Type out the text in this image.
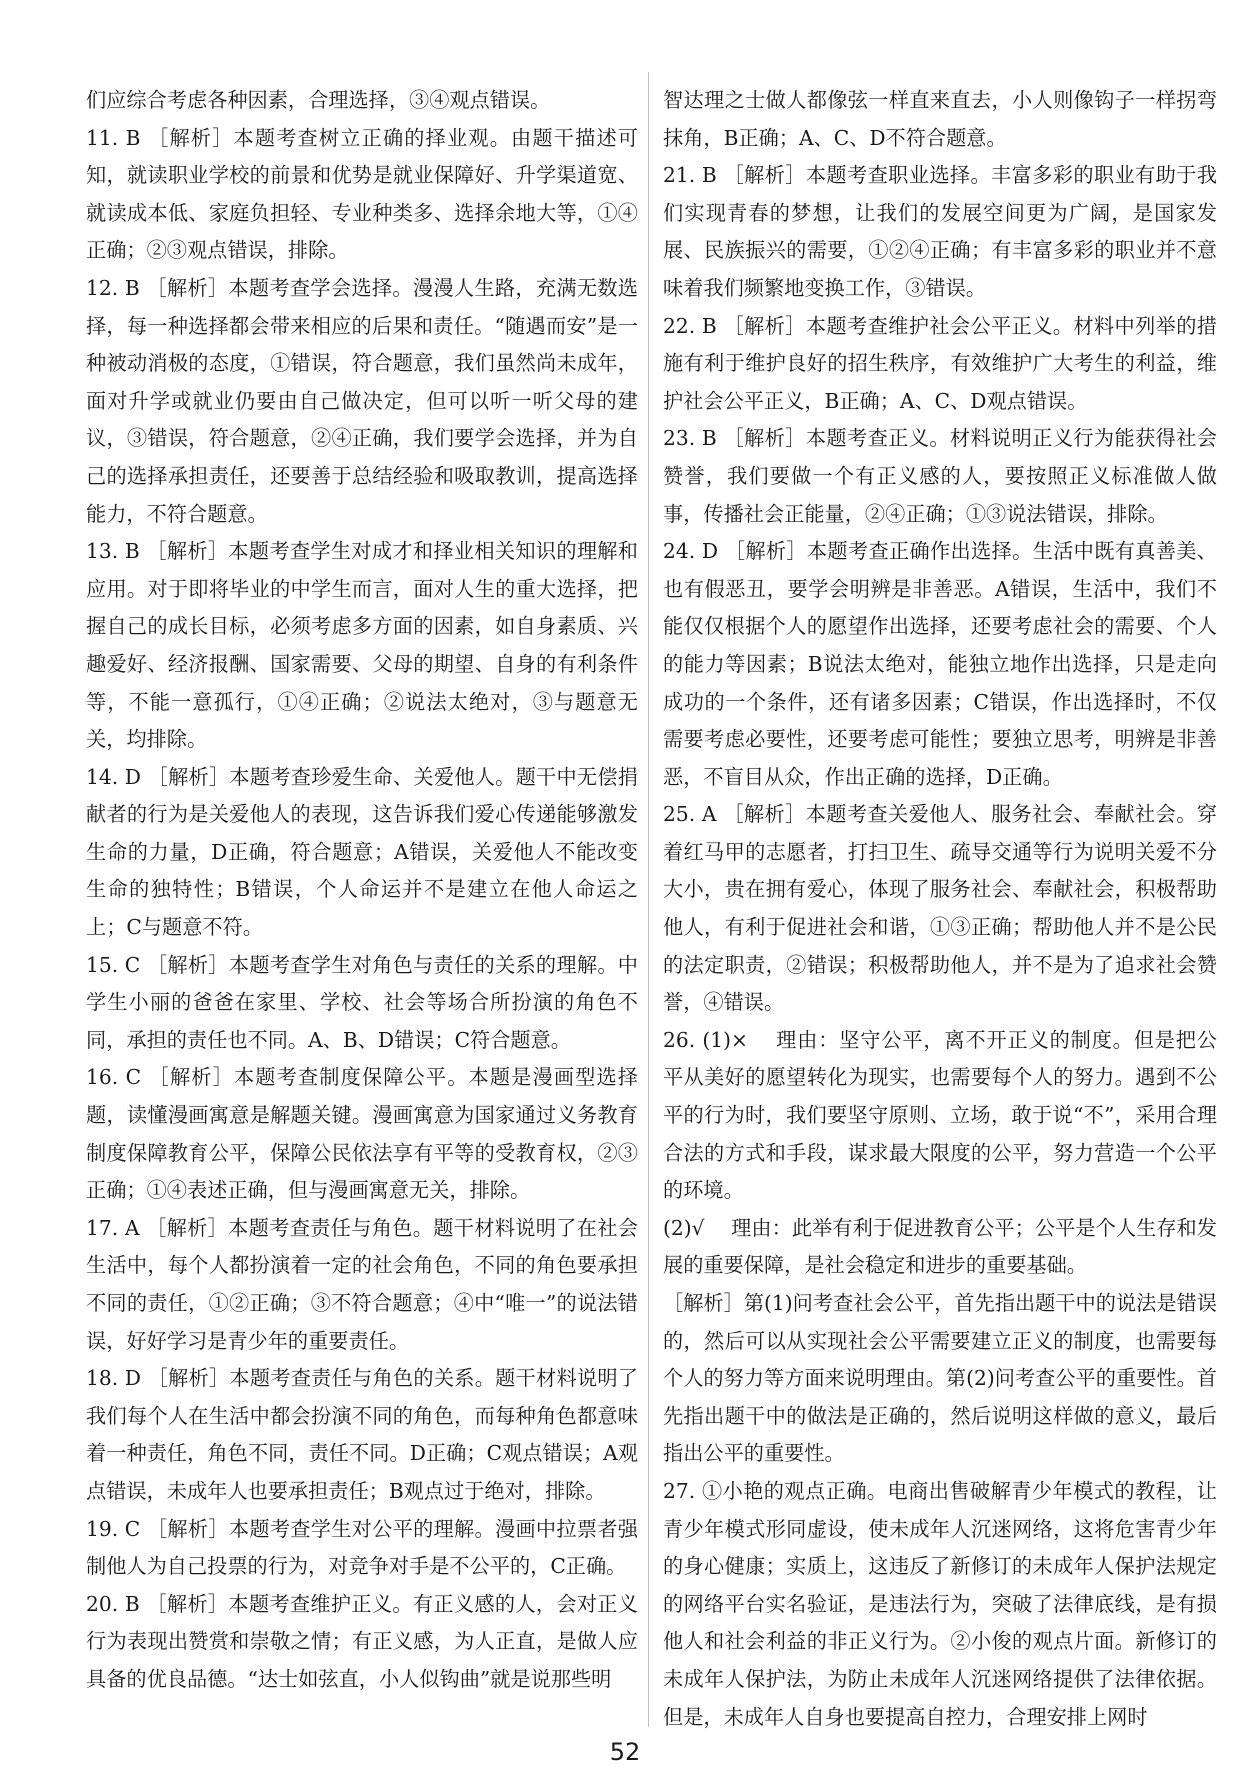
们应综合考虑各种因素，合理选择，③④观点错误。

11. B ［解析］本题考查树立正确的择业观。由题干描述可知，就读职业学校的前景和优势是就业保障好、升学渠道宽、就读成本低、家庭负担轻、专业种类多、选择余地大等，①④正确；②③观点错误，排除。

12. B ［解析］本题考查学会选择。漫漫人生路，充满无数选择，每一种选择都会带来相应的后果和责任。“随遇而安”是一种被动消极的态度，①错误，符合题意，我们虽然尚未成年，面对升学或就业仍要由自己做决定，但可以听一听父母的建议，③错误，符合题意，②④正确，我们要学会选择，并为自己的选择承担责任，还要善于总结经验和吸取教训，提高选择能力，不符合题意。

13. B ［解析］本题考查学生对成才和择业相关知识的理解和应用。对于即将毕业的中学生而言，面对人生的重大选择，把握自己的成长目标，必须考虑多方面的因素，如自身素质、兴趣爱好、经济报酬、国家需要、父母的期望、自身的有利条件等，不能一意孤行，①④正确；②说法太绝对，③与题意无关，均排除。

14. D ［解析］本题考查珍爱生命、关爱他人。题干中无偿捐献者的行为是关爱他人的表现，这告诉我们爱心传递能够激发生命的力量，D正确，符合题意；A错误，关爱他人不能改变生命的独特性；B错误，个人命运并不是建立在他人命运之上；C与题意不符。

15. C ［解析］本题考查学生对角色与责任的关系的理解。中学生小丽的爸爸在家里、学校、社会等场合所扮演的角色不同，承担的责任也不同。A、B、D错误；C符合题意。

16. C ［解析］本题考查制度保障公平。本题是漫画型选择题，读懂漫画寓意是解题关键。漫画寓意为国家通过义务教育制度保障教育公平，保障公民依法享有平等的受教育权，②③正确；①④表述正确，但与漫画寓意无关，排除。

17. A ［解析］本题考查责任与角色。题干材料说明了在社会生活中，每个人都扮演着一定的社会角色，不同的角色要承担不同的责任，①②正确；③不符合题意；④中“唯一”的说法错误，好好学习是青少年的重要责任。

18. D ［解析］本题考查责任与角色的关系。题干材料说明了我们每个人在生活中都会扮演不同的角色，而每种角色都意味着一种责任，角色不同，责任不同。D正确；C观点错误；A观点错误，未成年人也要承担责任；B观点过于绝对，排除。

19. C ［解析］本题考查学生对公平的理解。漫画中拉票者强制他人为自己投票的行为，对竞争对手是不公平的，C正确。

20. B ［解析］本题考查维护正义。有正义感的人，会对正义行为表现出赞赏和崇敬之情；有正义感，为人正直，是做人应具备的优良品德。“达士如弦直，小人似钩曲”就是说那些明

智达理之士做人都像弦一样直来直去，小人则像钩子一样拐弯抹角，B正确；A、C、D不符合题意。

21. B ［解析］本题考查职业选择。丰富多彩的职业有助于我们实现青春的梦想，让我们的发展空间更为广阔，是国家发展、民族振兴的需要，①②④正确；有丰富多彩的职业并不意味着我们频繁地变换工作，③错误。

22. B ［解析］本题考查维护社会公平正义。材料中列举的措施有利于维护良好的招生秩序，有效维护广大考生的利益，维护社会公平正义，B正确；A、C、D观点错误。

23. B ［解析］本题考查正义。材料说明正义行为能获得社会赞誉，我们要做一个有正义感的人，要按照正义标准做人做事，传播社会正能量，②④正确；①③说法错误，排除。

24. D ［解析］本题考查正确作出选择。生活中既有真善美、也有假恶丑，要学会明辨是非善恶。A错误，生活中，我们不能仅仅根据个人的愿望作出选择，还要考虑社会的需要、个人的能力等因素；B说法太绝对，能独立地作出选择，只是走向成功的一个条件，还有诸多因素；C错误，作出选择时，不仅需要考虑必要性，还要考虑可能性；要独立思考，明辨是非善恶，不盲目从众，作出正确的选择，D正确。

25. A ［解析］本题考查关爱他人、服务社会、奉献社会。穿着红马甲的志愿者，打扫卫生、疏导交通等行为说明关爱不分大小，贵在拥有爱心，体现了服务社会、奉献社会，积极帮助他人，有利于促进社会和谐，①③正确；帮助他人并不是公民的法定职责，②错误；积极帮助他人，并不是为了追求社会赞誉，④错误。

26. (1)× 　理由：坚守公平，离不开正义的制度。但是把公平从美好的愿望转化为现实，也需要每个人的努力。遇到不公平的行为时，我们要坚守原则、立场，敢于说“不”，采用合理合法的方式和手段，谋求最大限度的公平，努力营造一个公平的环境。

(2)√ 　理由：此举有利于促进教育公平；公平是个人生存和发展的重要保障，是社会稳定和进步的重要基础。

［解析］第(1)问考查社会公平，首先指出题干中的说法是错误的，然后可以从实现社会公平需要建立正义的制度，也需要每个人的努力等方面来说明理由。第(2)问考查公平的重要性。首先指出题干中的做法是正确的，然后说明这样做的意义，最后指出公平的重要性。

27. ①小艳的观点正确。电商出售破解青少年模式的教程，让青少年模式形同虚设，使未成年人沉迷网络，这将危害青少年的身心健康；实质上，这违反了新修订的未成年人保护法规定的网络平台实名验证，是违法行为，突破了法律底线，是有损他人和社会利益的非正义行为。②小俊的观点片面。新修订的未成年人保护法，为防止未成年人沉迷网络提供了法律依据。但是，未成年人自身也要提高自控力，合理安排上网时

52
